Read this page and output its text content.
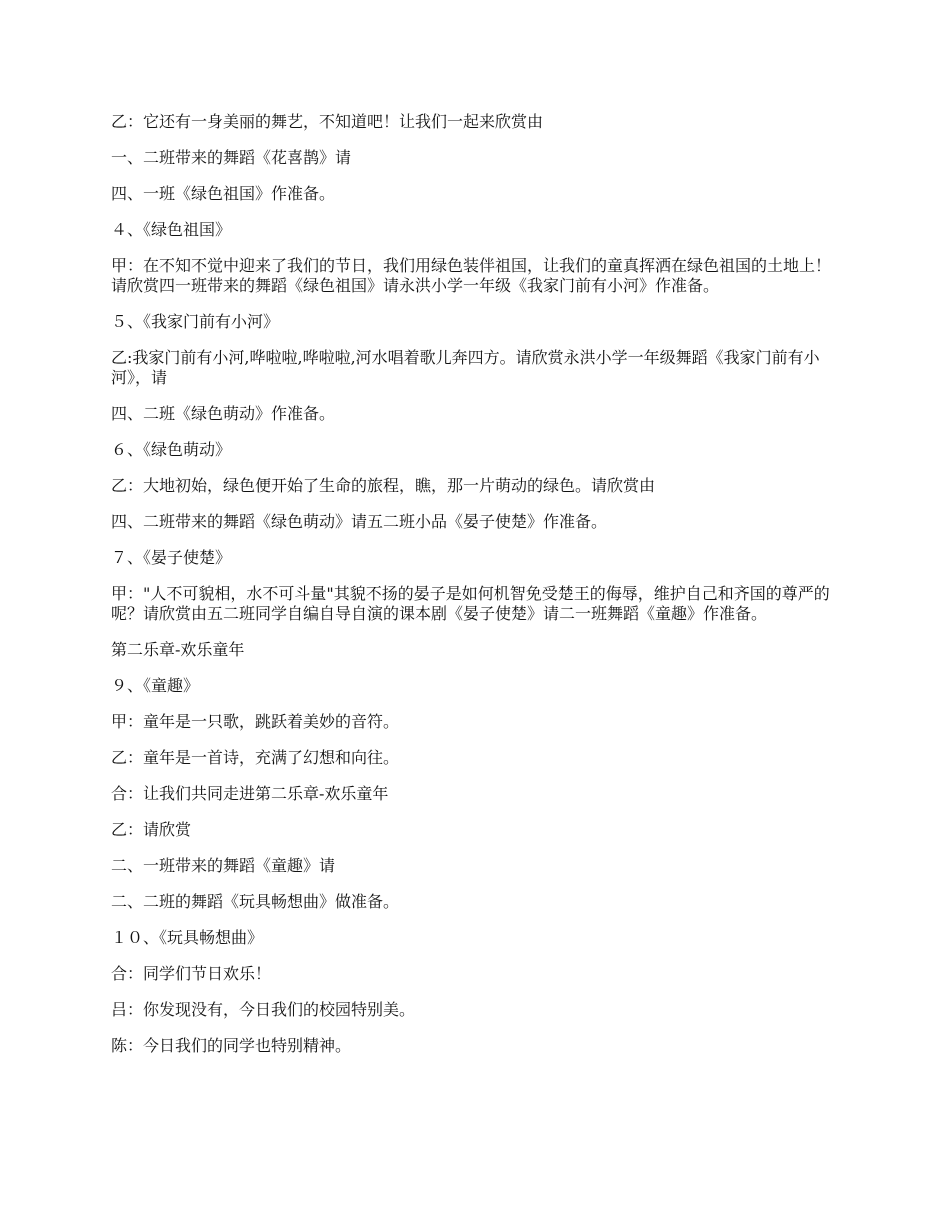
乙：它还有一身美丽的舞艺，不知道吧！让我们一起来欣赏由

一、二班带来的舞蹈《花喜鹊》请

四、一班《绿色祖国》作准备。

４、《绿色祖国》

甲：在不知不觉中迎来了我们的节日，我们用绿色装伴祖国，让我们的童真挥洒在绿色祖国的土地上！请欣赏四一班带来的舞蹈《绿色祖国》请永洪小学一年级《我家门前有小河》作准备。

５、《我家门前有小河》

乙:我家门前有小河,哗啦啦,哗啦啦,河水唱着歌儿奔四方。请欣赏永洪小学一年级舞蹈《我家门前有小河》，请

四、二班《绿色萌动》作准备。

６、《绿色萌动》

乙：大地初始，绿色便开始了生命的旅程，瞧，那一片萌动的绿色。请欣赏由

四、二班带来的舞蹈《绿色萌动》请五二班小品《晏子使楚》作准备。

７、《晏子使楚》

甲："人不可貌相，水不可斗量"其貌不扬的晏子是如何机智免受楚王的侮辱，维护自己和齐国的尊严的呢？请欣赏由五二班同学自编自导自演的课本剧《晏子使楚》请二一班舞蹈《童趣》作准备。

第二乐章-欢乐童年

９、《童趣》

甲：童年是一只歌，跳跃着美妙的音符。

乙：童年是一首诗，充满了幻想和向往。

合：让我们共同走进第二乐章-欢乐童年

乙：请欣赏

二、一班带来的舞蹈《童趣》请

二、二班的舞蹈《玩具畅想曲》做准备。

１０、《玩具畅想曲》

合：同学们节日欢乐！

吕：你发现没有，今日我们的校园特别美。

陈：今日我们的同学也特别精神。
